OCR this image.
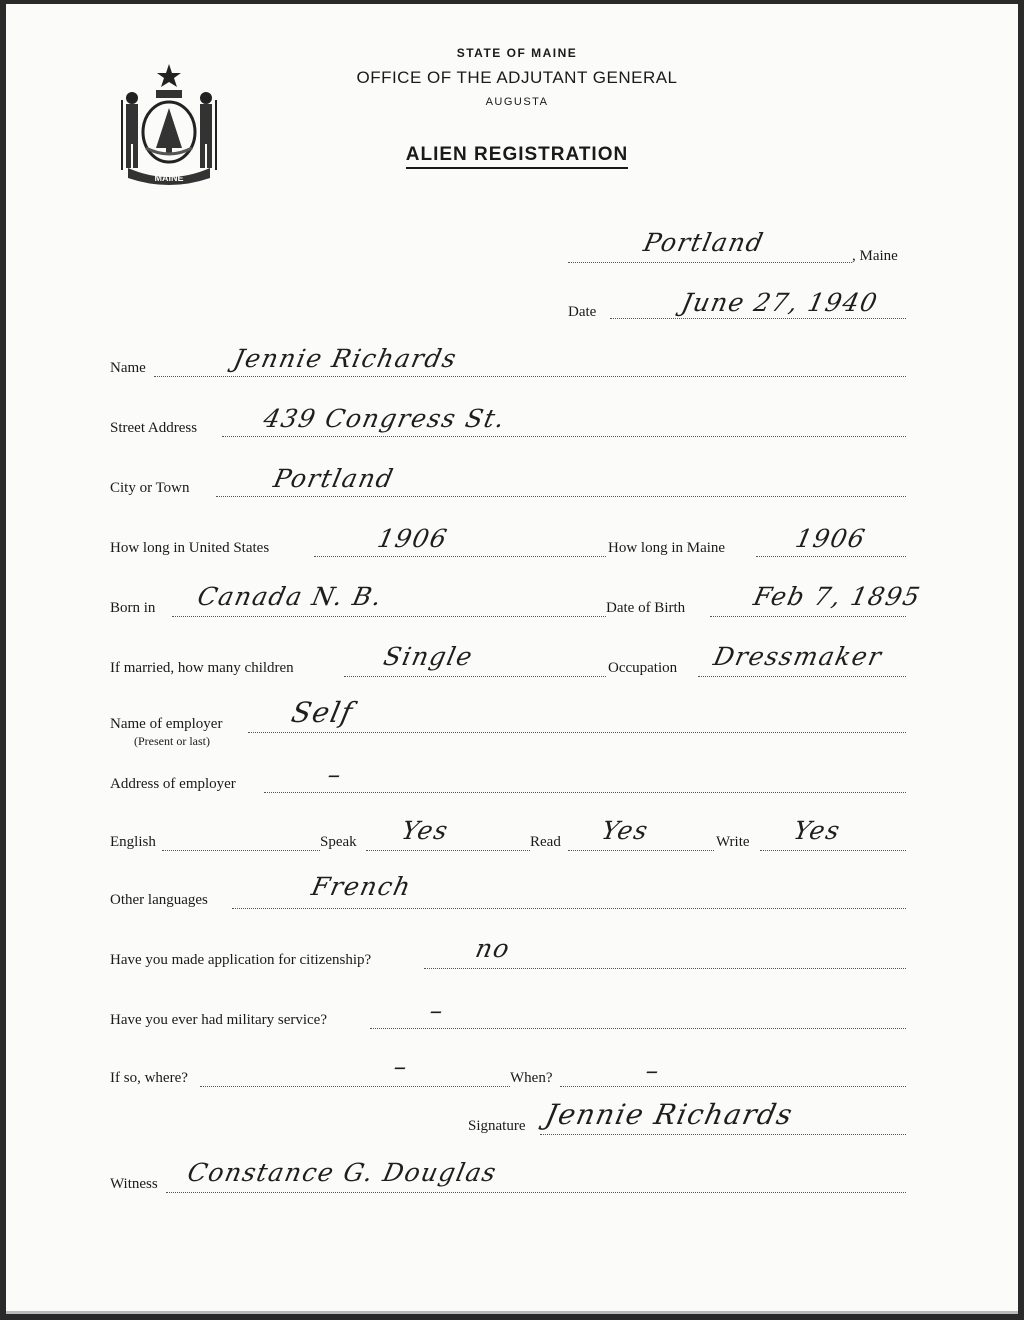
MAINE
STATE OF MAINE
OFFICE OF THE ADJUTANT GENERAL
AUGUSTA
ALIEN REGISTRATION
Portland	, Maine
Date	June 27, 1940
Name	Jennie Richards
Street Address	439 Congress St.
City or Town	Portland
How long in United States	1906	How long in Maine	1906
Born in Canada N. B.	Date of Birth	Feb 7, 1895
If married, how many children	Single	Occupation Dressmaker
Name of employer
(Present or last)
Self
Address of employer	–
English	Speak Yes	Read Yes	Write Yes
Other languages	French
Have you made application for citizenship?	no
Have you ever had military service?	–
If so, where?	–	When?	–
Signature Jennie Richards
Witness Constance G. Douglas
